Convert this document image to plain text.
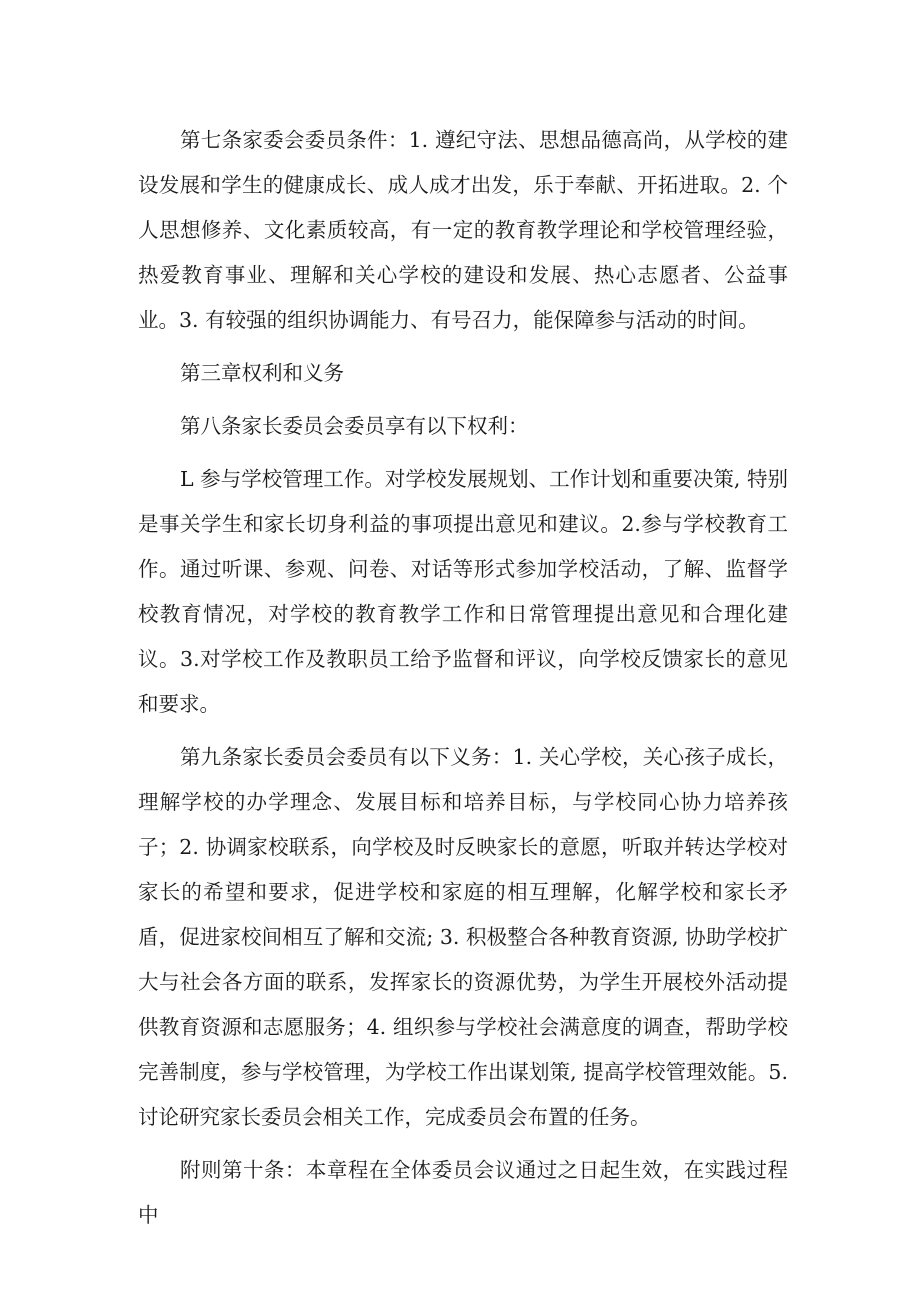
第七条家委会委员条件：1. 遵纪守法、思想品德高尚，从学校的建设发展和学生的健康成长、成人成才出发，乐于奉献、开拓进取。2. 个人思想修养、文化素质较高，有一定的教育教学理论和学校管理经验，热爱教育事业、理解和关心学校的建设和发展、热心志愿者、公益事业。3. 有较强的组织协调能力、有号召力，能保障参与活动的时间。

第三章权利和义务

第八条家长委员会委员享有以下权利：

L 参与学校管理工作。对学校发展规划、工作计划和重要决策, 特别是事关学生和家长切身利益的事项提出意见和建议。2.参与学校教育工作。通过听课、参观、问卷、对话等形式参加学校活动，了解、监督学校教育情况，对学校的教育教学工作和日常管理提出意见和合理化建议。3.对学校工作及教职员工给予监督和评议，向学校反馈家长的意见和要求。

第九条家长委员会委员有以下义务：1. 关心学校，关心孩子成长，理解学校的办学理念、发展目标和培养目标，与学校同心协力培养孩子；2. 协调家校联系，向学校及时反映家长的意愿，听取并转达学校对家长的希望和要求，促进学校和家庭的相互理解，化解学校和家长矛盾，促进家校间相互了解和交流; 3. 积极整合各种教育资源, 协助学校扩大与社会各方面的联系，发挥家长的资源优势，为学生开展校外活动提供教育资源和志愿服务；4. 组织参与学校社会满意度的调查，帮助学校完善制度，参与学校管理，为学校工作出谋划策, 提高学校管理效能。5. 讨论研究家长委员会相关工作，完成委员会布置的任务。

附则第十条：本章程在全体委员会议通过之日起生效，在实践过程中
